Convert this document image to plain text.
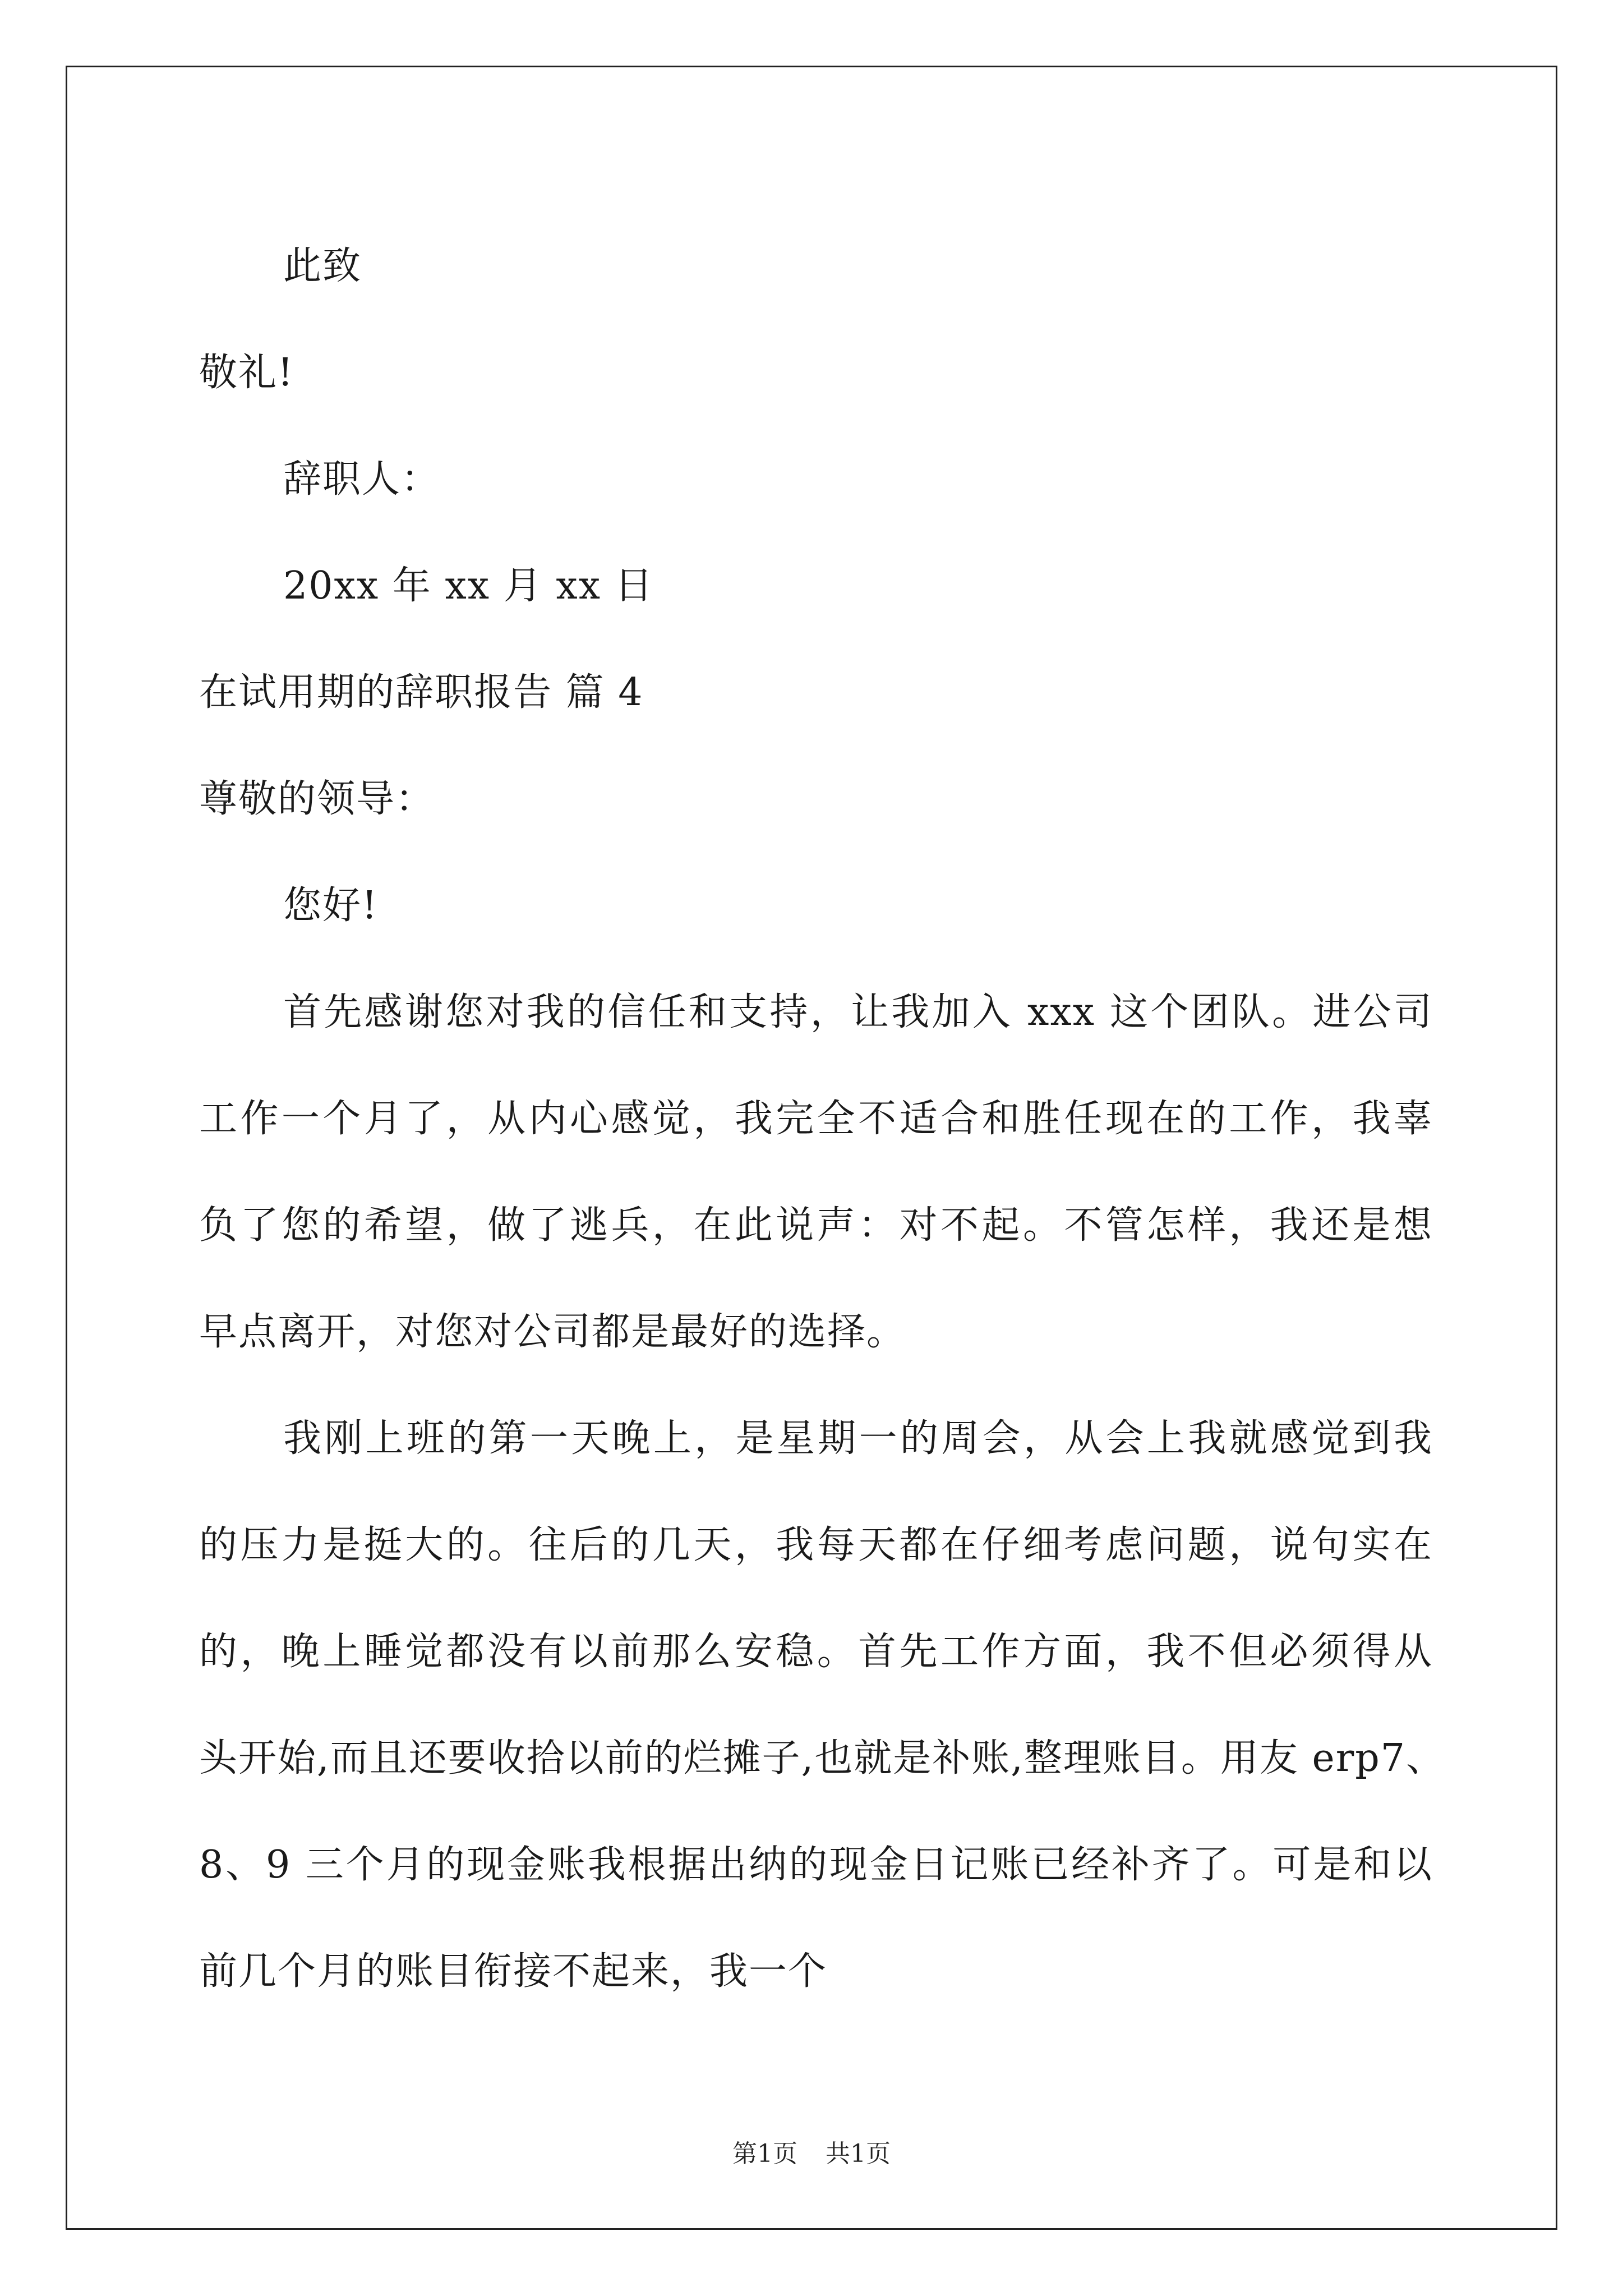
此致
敬礼!
辞职人：
20xx 年 xx 月 xx 日
在试用期的辞职报告 篇 4
尊敬的领导：
您好!
首先感谢您对我的信任和支持，让我加入 xxx 这个团队。进公司
工作一个月了，从内心感觉，我完全不适合和胜任现在的工作，我辜
负了您的希望，做了逃兵，在此说声：对不起。不管怎样，我还是想
早点离开，对您对公司都是最好的选择。
我刚上班的第一天晚上，是星期一的周会，从会上我就感觉到我
的压力是挺大的。往后的几天，我每天都在仔细考虑问题，说句实在
的，晚上睡觉都没有以前那么安稳。首先工作方面，我不但必须得从
头开始,而且还要收拾以前的烂摊子,也就是补账,整理账目。用友 erp7、
8、9 三个月的现金账我根据出纳的现金日记账已经补齐了。可是和以
前几个月的账目衔接不起来，我一个
第1页 共1页
